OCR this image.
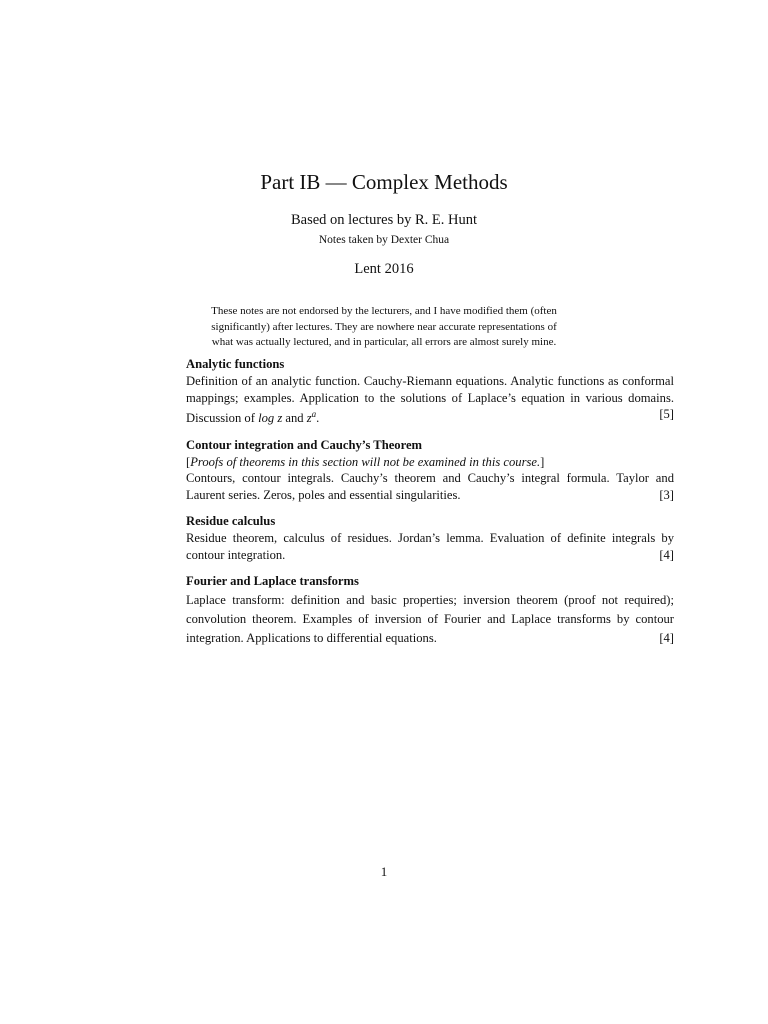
Part IB — Complex Methods
Based on lectures by R. E. Hunt
Notes taken by Dexter Chua
Lent 2016
These notes are not endorsed by the lecturers, and I have modified them (often significantly) after lectures. They are nowhere near accurate representations of what was actually lectured, and in particular, all errors are almost surely mine.

Analytic functions

Definition of an analytic function. Cauchy-Riemann equations. Analytic functions as conformal mappings; examples. Application to the solutions of Laplace’s equation in various domains. Discussion of log z and $z^a$.	[5]

Contour integration and Cauchy’s Theorem

[Proofs of theorems in this section will not be examined in this course.]

Contours, contour integrals. Cauchy’s theorem and Cauchy’s integral formula. Taylor and Laurent series. Zeros, poles and essential singularities.	[3]

Residue calculus

Residue theorem, calculus of residues. Jordan’s lemma. Evaluation of definite integrals by contour integration.	[4]

Fourier and Laplace transforms

Laplace transform: definition and basic properties; inversion theorem (proof not required); convolution theorem. Examples of inversion of Fourier and Laplace transforms by contour integration. Applications to differential equations.	[4]

1
